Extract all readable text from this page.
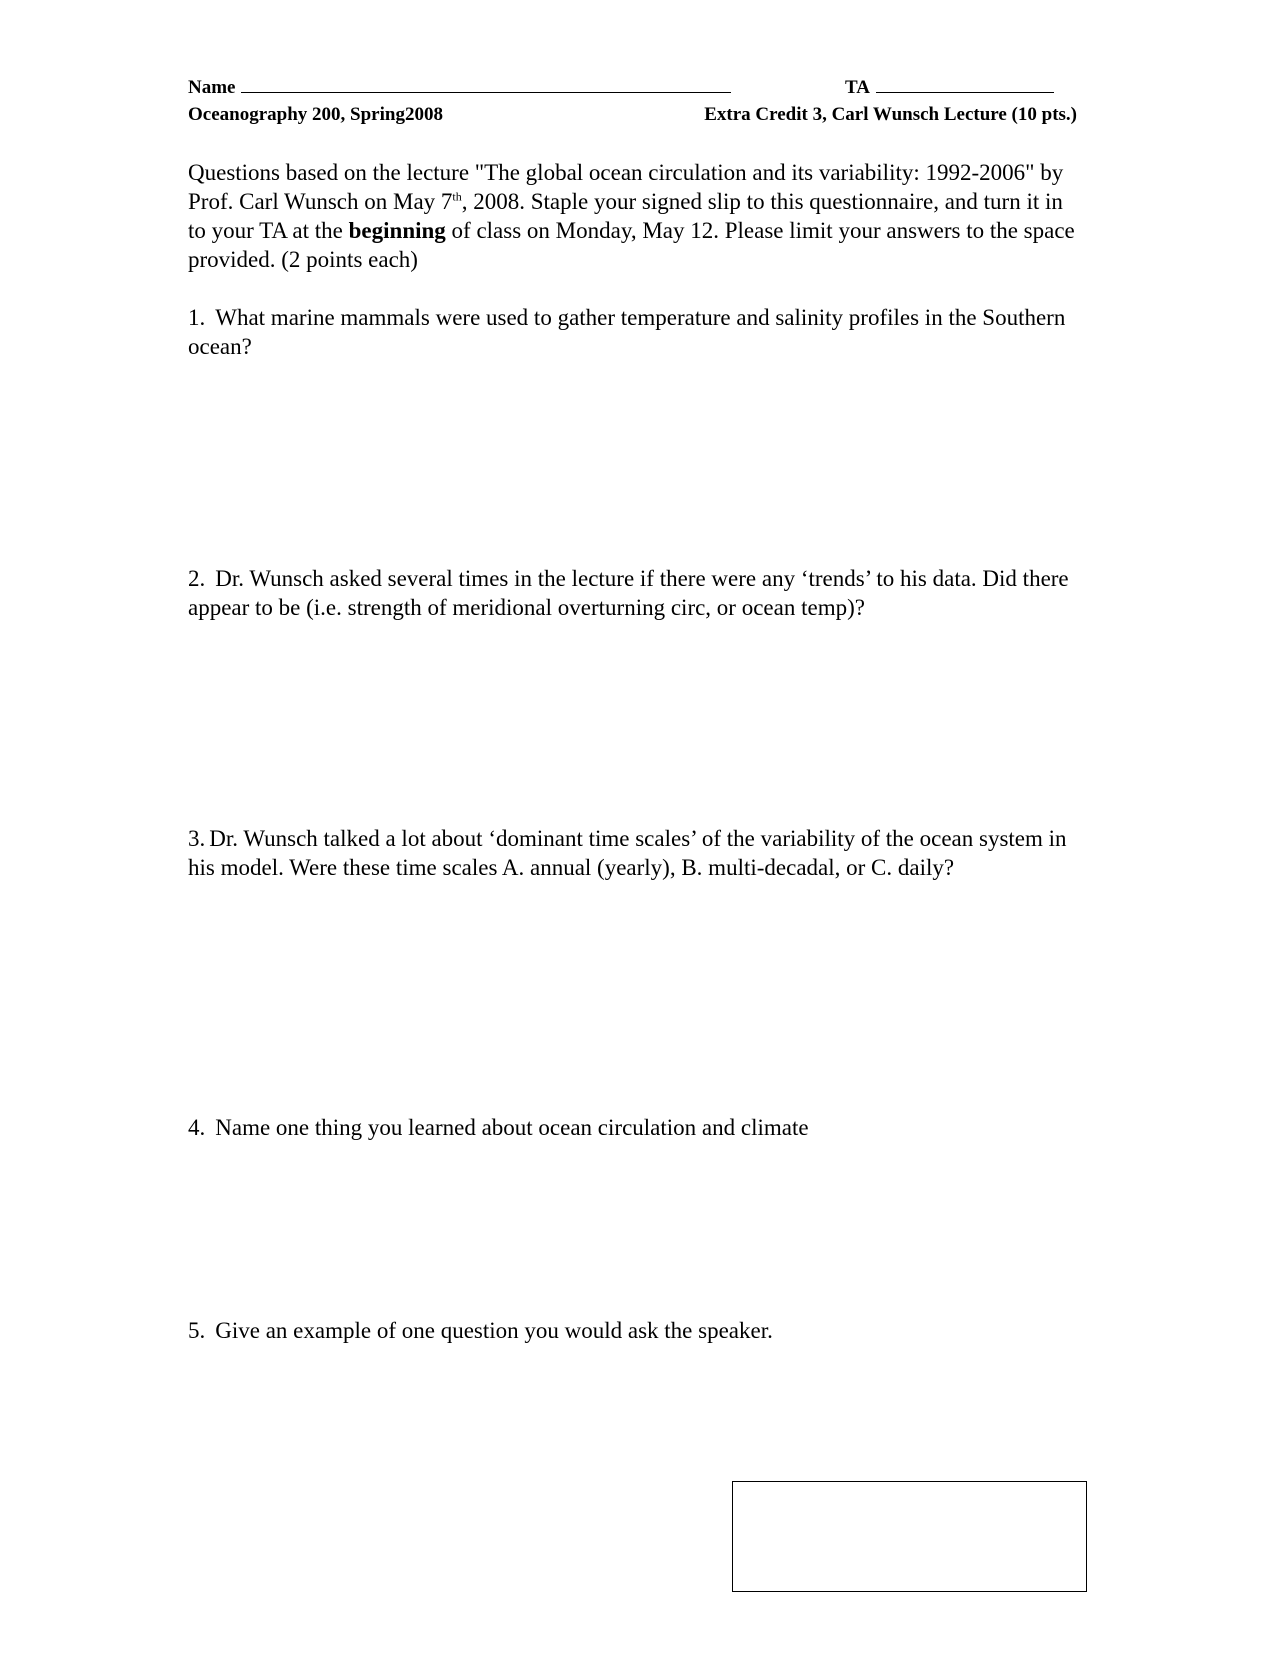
Name	TA
Oceanography 200, Spring2008	Extra Credit 3, Carl Wunsch Lecture (10 pts.)
Questions based on the lecture "The global ocean circulation and its variability: 1992-2006" by Prof. Carl Wunsch on May 7th, 2008. Staple your signed slip to this questionnaire, and turn it in to your TA at the beginning of class on Monday, May 12. Please limit your answers to the space provided. (2 points each)
1. What marine mammals were used to gather temperature and salinity profiles in the Southern ocean?
2. Dr. Wunsch asked several times in the lecture if there were any ‘trends’ to his data. Did there appear to be (i.e. strength of meridional overturning circ, or ocean temp)?
3. Dr. Wunsch talked a lot about ‘dominant time scales’ of the variability of the ocean system in his model. Were these time scales A. annual (yearly), B. multi-decadal, or C. daily?
4. Name one thing you learned about ocean circulation and climate
5. Give an example of one question you would ask the speaker.
